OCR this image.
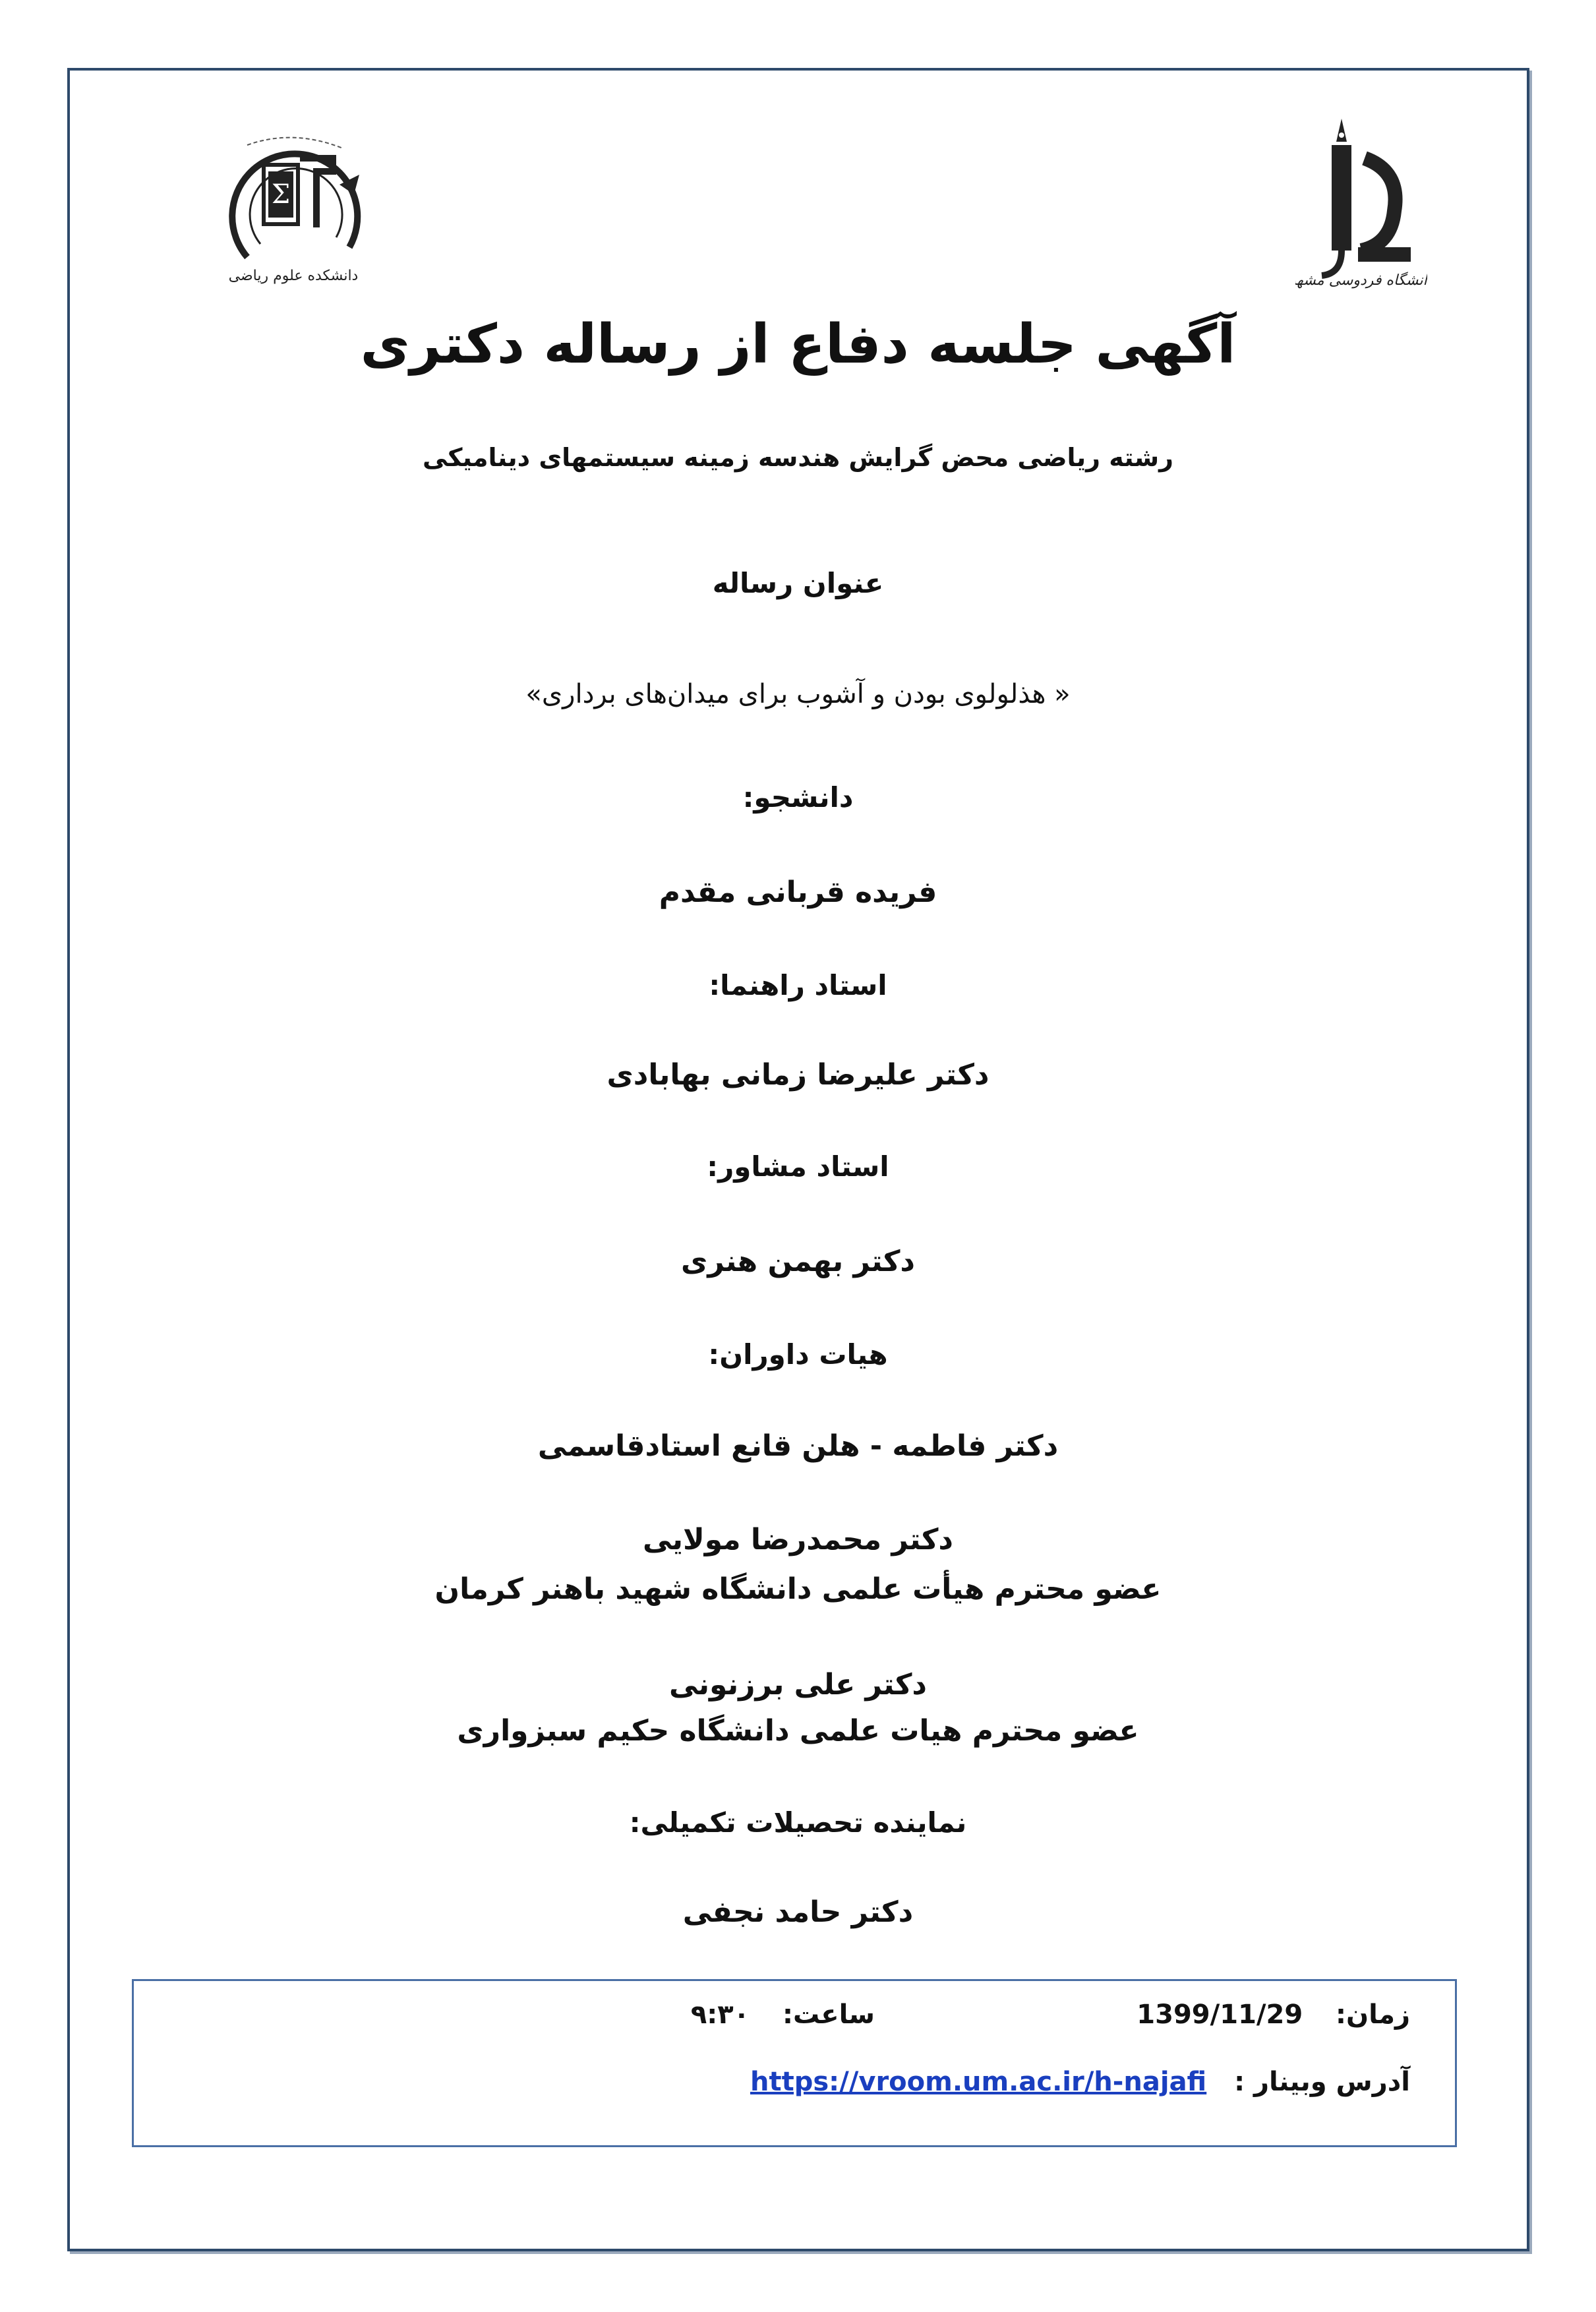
Σ
دانشکده علوم ریاضی	دانشگاه فردوسی مشهد
آگهی جلسه دفاع از رساله دکتری
رشته ریاضی محض گرایش هندسه زمینه سیستمهای دینامیکی
عنوان رساله
« هذلولوی بودن و آشوب برای میدان‌های برداری»
دانشجو:
فریده قربانی مقدم
استاد راهنما:
دکتر علیرضا زمانی بهابادی
استاد مشاور:
دکتر بهمن هنری
هیات داوران:
دکتر فاطمه - هلن قانع استادقاسمی
دکتر محمدرضا مولایی
عضو محترم هیأت علمی دانشگاه شهید باهنر کرمان
دکتر علی برزنونی
عضو محترم هیات علمی دانشگاه حکیم سبزواری
نماینده تحصیلات تکمیلی:
دکتر حامد نجفی
زمان:  1399/11/29
ساعت:  ۹:۳۰
آدرس وبینار :  https://vroom.um.ac.ir/h-najafi
